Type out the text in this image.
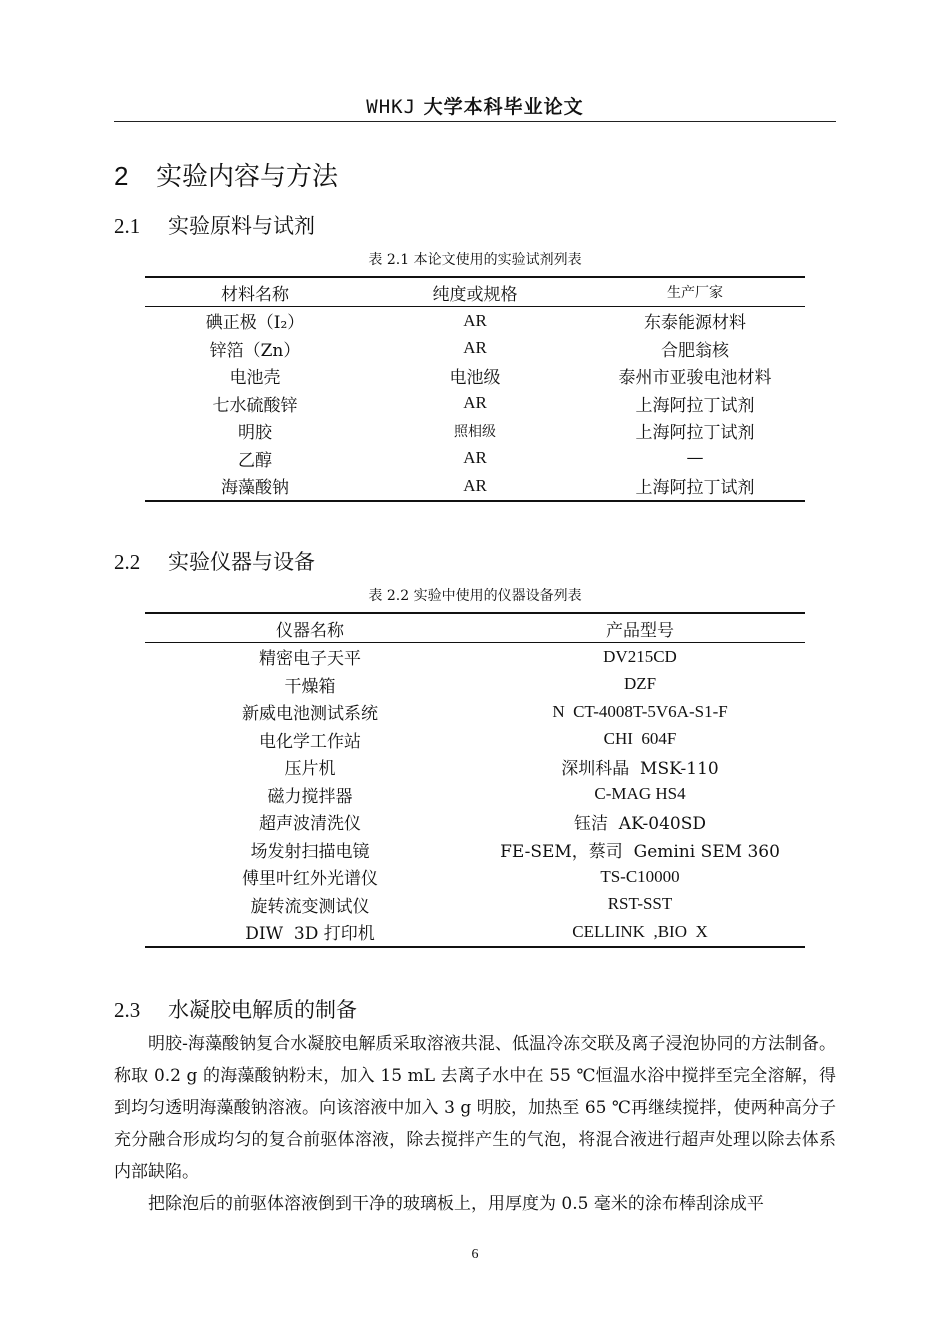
WHKJ 大学本科毕业论文
2 实验内容与方法
2.1 实验原料与试剂
表 2.1 本论文使用的实验试剂列表
材料名称	纯度或规格	生产厂家
碘正极（I₂）	AR	东泰能源材料
锌箔（Zn）	AR	合肥翁核
电池壳	电池级	泰州市亚骏电池材料
七水硫酸锌	AR	上海阿拉丁试剂
明胶	照相级	上海阿拉丁试剂
乙醇	AR	—
海藻酸钠	AR	上海阿拉丁试剂
2.2 实验仪器与设备
表 2.2 实验中使用的仪器设备列表
仪器名称	产品型号
精密电子天平	DV215CD
干燥箱	DZF
新威电池测试系统	N  CT-4008T-5V6A-S1-F
电化学工作站	CHI  604F
压片机	深圳科晶  MSK-110
磁力搅拌器	C-MAG HS4
超声波清洗仪	钰洁  AK-040SD
场发射扫描电镜	FE-SEM，蔡司  Gemini SEM 360
傅里叶红外光谱仪	TS-C10000
旋转流变测试仪	RST-SST
DIW  3D 打印机	CELLINK  ,BIO  X
2.3 水凝胶电解质的制备
明胶-海藻酸钠复合水凝胶电解质采取溶液共混、低温冷冻交联及离子浸泡协同的方法制备。称取 0.2 g 的海藻酸钠粉末，加入 15 mL 去离子水中在 55 ℃恒温水浴中搅拌至完全溶解，得到均匀透明海藻酸钠溶液。向该溶液中加入 3 g 明胶，加热至 65 ℃再继续搅拌，使两种高分子充分融合形成均匀的复合前驱体溶液，除去搅拌产生的气泡，将混合液进行超声处理以除去体系内部缺陷。
把除泡后的前驱体溶液倒到干净的玻璃板上，用厚度为 0.5 毫米的涂布棒刮涂成平
6
